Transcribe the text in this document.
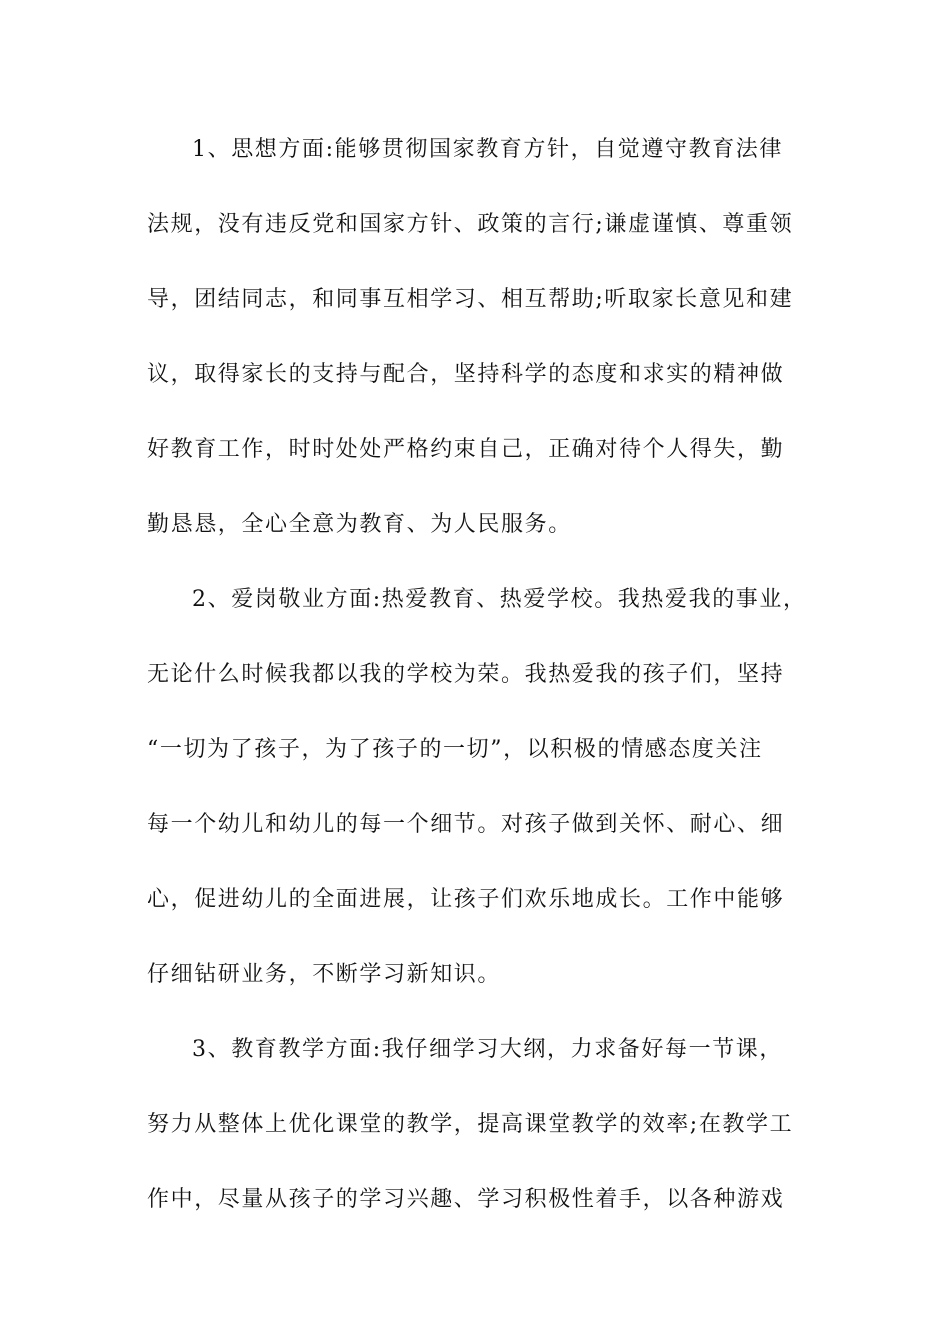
1、思想方面:能够贯彻国家教育方针，自觉遵守教育法律
法规，没有违反党和国家方针、政策的言行;谦虚谨慎、尊重领
导，团结同志，和同事互相学习、相互帮助;听取家长意见和建
议，取得家长的支持与配合，坚持科学的态度和求实的精神做
好教育工作，时时处处严格约束自己，正确对待个人得失，勤
勤恳恳，全心全意为教育、为人民服务。
2、爱岗敬业方面:热爱教育、热爱学校。我热爱我的事业，
无论什么时候我都以我的学校为荣。我热爱我的孩子们，坚持
“一切为了孩子，为了孩子的一切”，以积极的情感态度关注
每一个幼儿和幼儿的每一个细节。对孩子做到关怀、耐心、细
心，促进幼儿的全面进展，让孩子们欢乐地成长。工作中能够
仔细钻研业务，不断学习新知识。
3、教育教学方面:我仔细学习大纲，力求备好每一节课，
努力从整体上优化课堂的教学，提高课堂教学的效率;在教学工
作中，尽量从孩子的学习兴趣、学习积极性着手，以各种游戏
